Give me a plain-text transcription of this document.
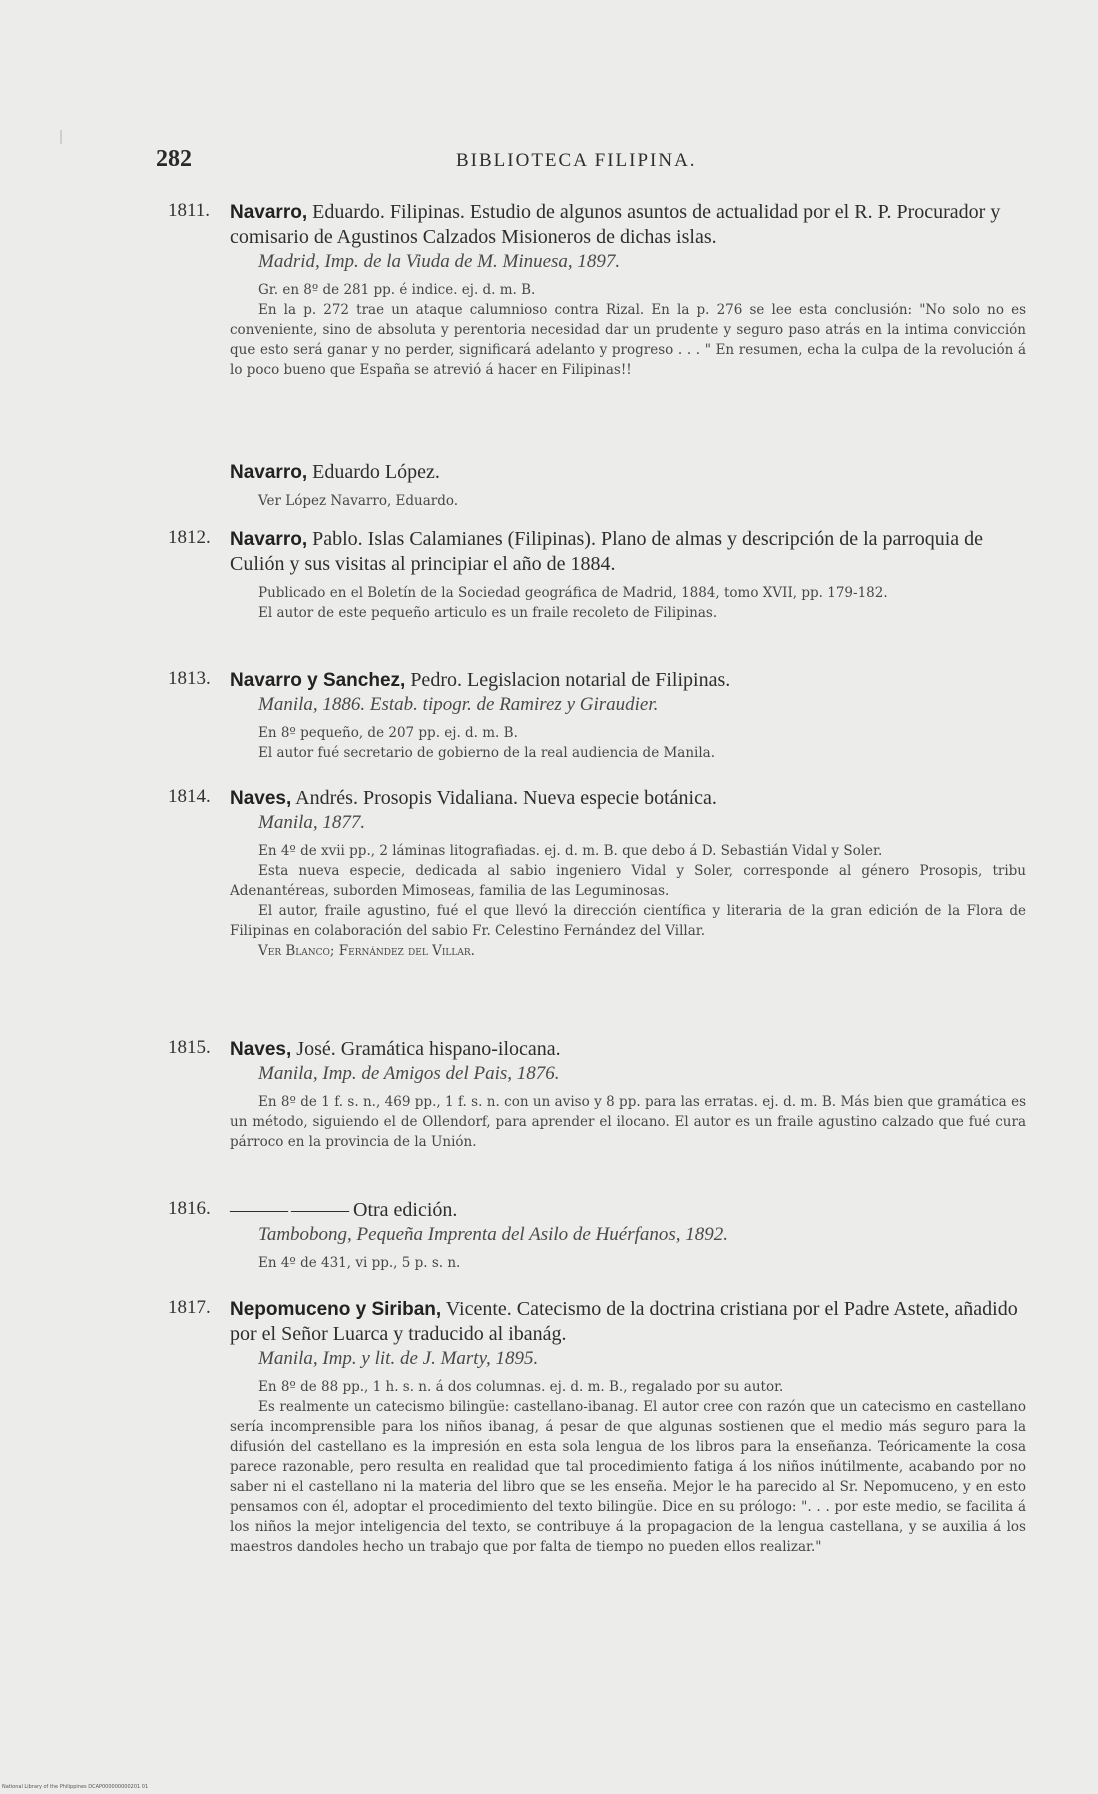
282	BIBLIOTECA FILIPINA.
1811. Navarro, Eduardo. Filipinas. Estudio de algunos asuntos de actualidad por el R. P. Procurador y comisario de Agustinos Calzados Misioneros de dichas islas.
Madrid, Imp. de la Viuda de M. Minuesa, 1897.

Gr. en 8º de 281 pp. é indice. ej. d. m. B.

En la p. 272 trae un ataque calumnioso contra Rizal. En la p. 276 se lee esta conclusión: "No solo no es conveniente, sino de absoluta y perentoria necesidad dar un prudente y seguro paso atrás en la intima convicción que esto será ganar y no perder, significará adelanto y progreso . . . " En resumen, echa la culpa de la revolución á lo poco bueno que España se atrevió á hacer en Filipinas!!

Navarro, Eduardo López.

Ver López Navarro, Eduardo.

1812. Navarro, Pablo. Islas Calamianes (Filipinas). Plano de almas y descripción de la parroquia de Culión y sus visitas al principiar el año de 1884.

Publicado en el Boletín de la Sociedad geográfica de Madrid, 1884, tomo XVII, pp. 179-182.

El autor de este pequeño articulo es un fraile recoleto de Filipinas.

1813. Navarro y Sanchez, Pedro. Legislacion notarial de Filipinas.
Manila, 1886. Estab. tipogr. de Ramirez y Giraudier.

En 8º pequeño, de 207 pp. ej. d. m. B.

El autor fué secretario de gobierno de la real audiencia de Manila.

1814. Naves, Andrés. Prosopis Vidaliana. Nueva especie botánica.
Manila, 1877.

En 4º de xvii pp., 2 láminas litografiadas. ej. d. m. B. que debo á D. Sebastián Vidal y Soler.

Esta nueva especie, dedicada al sabio ingeniero Vidal y Soler, corresponde al género Prosopis, tribu Adenantéreas, suborden Mimoseas, familia de las Leguminosas.

El autor, fraile agustino, fué el que llevó la dirección científica y literaria de la gran edición de la Flora de Filipinas en colaboración del sabio Fr. Celestino Fernández del Villar.

Ver Blanco; Fernández del Villar.

1815. Naves, José. Gramática hispano-ilocana.
Manila, Imp. de Amigos del Pais, 1876.

En 8º de 1 f. s. n., 469 pp., 1 f. s. n. con un aviso y 8 pp. para las erratas. ej. d. m. B. Más bien que gramática es un método, siguiendo el de Ollendorf, para aprender el ilocano. El autor es un fraile agustino calzado que fué cura párroco en la provincia de la Unión.

1816. ——— ——— Otra edición.
Tambobong, Pequeña Imprenta del Asilo de Huérfanos, 1892.

En 4º de 431, vi pp., 5 p. s. n.

1817. Nepomuceno y Siriban, Vicente. Catecismo de la doctrina cristiana por el Padre Astete, añadido por el Señor Luarca y traducido al ibanág.
Manila, Imp. y lit. de J. Marty, 1895.

En 8º de 88 pp., 1 h. s. n. á dos columnas. ej. d. m. B., regalado por su autor.

Es realmente un catecismo bilingüe: castellano-ibanag. El autor cree con razón que un catecismo en castellano sería incomprensible para los niños ibanag, á pesar de que algunas sostienen que el medio más seguro para la difusión del castellano es la impresión en esta sola lengua de los libros para la enseñanza. Teóricamente la cosa parece razonable, pero resulta en realidad que tal procedimiento fatiga á los niños inútilmente, acabando por no saber ni el castellano ni la materia del libro que se les enseña. Mejor le ha parecido al Sr. Nepomuceno, y en esto pensamos con él, adoptar el procedimiento del texto bilingüe. Dice en su prólogo: ". . . por este medio, se facilita á los niños la mejor inteligencia del texto, se contribuye á la propagacion de la lengua castellana, y se auxilia á los maestros dandoles hecho un trabajo que por falta de tiempo no pueden ellos realizar."

National Library of the Philippines DCAP000000000201 01
